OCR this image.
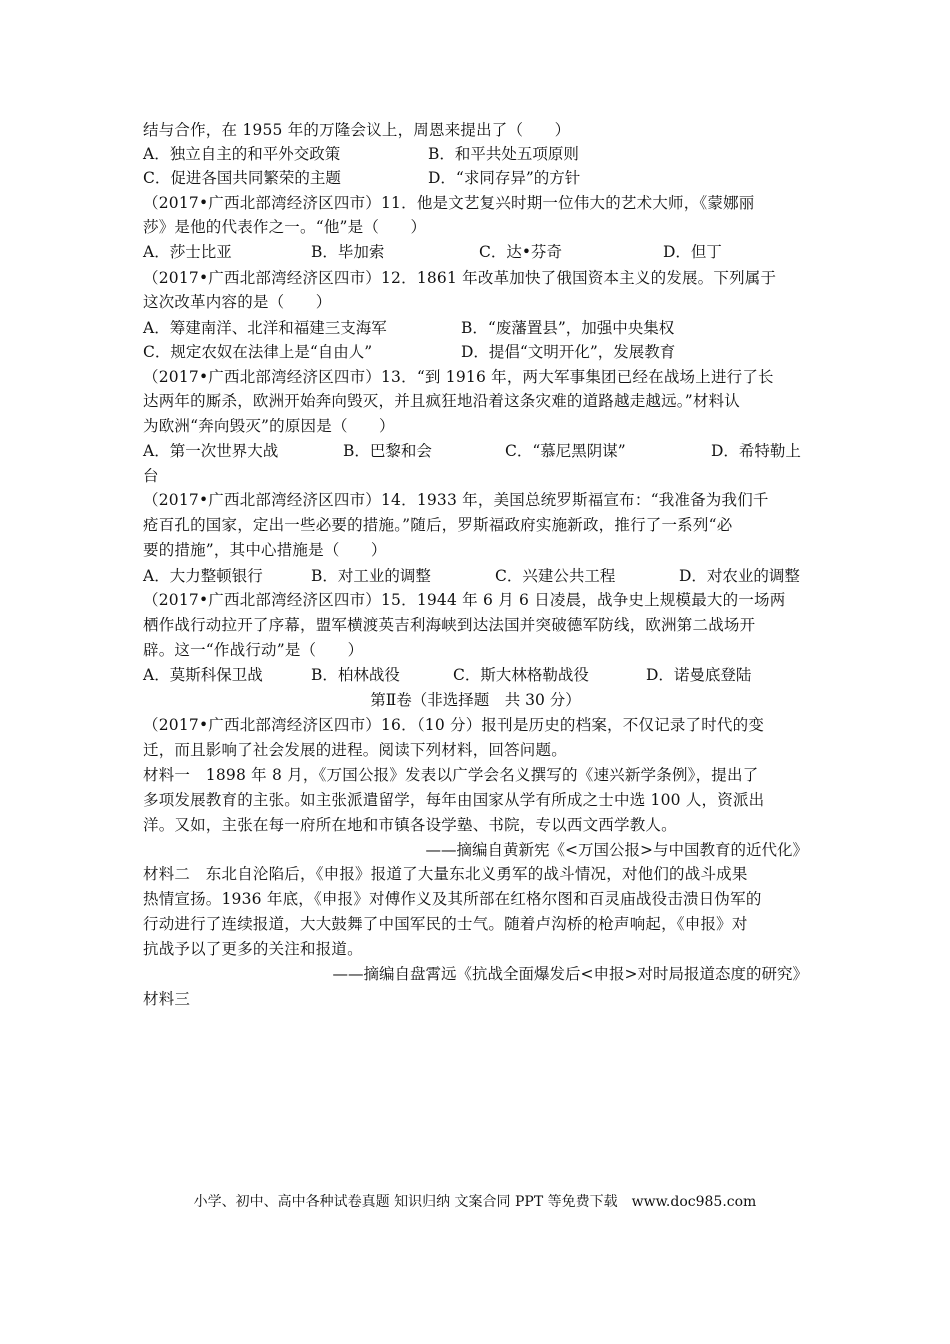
结与合作，在 1955 年的万隆会议上，周恩来提出了（　　）

A．独立自主的和平外交政策

	B．和平共处五项原则

C．促进各国共同繁荣的主题

	D．“求同存异”的方针

（2017•广西北部湾经济区四市）11．他是文艺复兴时期一位伟大的艺术大师，《蒙娜丽
莎》是他的代表作之一。“他”是（　　）

A．莎士比亚

	B．毕加索

	C．达•芬奇

	D．但丁

（2017•广西北部湾经济区四市）12．1861 年改革加快了俄国资本主义的发展。下列属于
这次改革内容的是（　　）

A．筹建南洋、北洋和福建三支海军

	B．“废藩置县”，加强中央集权

C．规定农奴在法律上是“自由人”

	D．提倡“文明开化”，发展教育

（2017•广西北部湾经济区四市）13．“到 1916 年，两大军事集团已经在战场上进行了长
达两年的厮杀，欧洲开始奔向毁灭，并且疯狂地沿着这条灾难的道路越走越远。”材料认
为欧洲“奔向毁灭”的原因是（　　）

A．第一次世界大战

	B．巴黎和会

	C．“慕尼黑阴谋”

	D．希特勒上

台
（2017•广西北部湾经济区四市）14．1933 年，美国总统罗斯福宣布：“我准备为我们千
疮百孔的国家，定出一些必要的措施。”随后，罗斯福政府实施新政，推行了一系列“必
要的措施”，其中心措施是（　　）

A．大力整顿银行

	B．对工业的调整

	C．兴建公共工程

	D．对农业的调整

（2017•广西北部湾经济区四市）15．1944 年 6 月 6 日凌晨，战争史上规模最大的一场两
栖作战行动拉开了序幕，盟军横渡英吉利海峡到达法国并突破德军防线，欧洲第二战场开
辟。这一“作战行动”是（　　）

A．莫斯科保卫战

	B．柏林战役

	C．斯大林格勒战役

	D．诺曼底登陆

第Ⅱ卷（非选择题　共 30 分）
（2017•广西北部湾经济区四市）16．（10 分）报刊是历史的档案，不仅记录了时代的变
迁，而且影响了社会发展的进程。阅读下列材料，回答问题。
材料一　1898 年 8 月，《万国公报》发表以广学会名义撰写的《速兴新学条例》，提出了
多项发展教育的主张。如主张派遣留学，每年由国家从学有所成之士中选 100 人，资派出
洋。又如，主张在每一府所在地和市镇各设学塾、书院，专以西文西学教人。
——摘编自黄新宪《<万国公报>与中国教育的近代化》
材料二　东北自沦陷后，《申报》报道了大量东北义勇军的战斗情况，对他们的战斗成果
热情宣扬。1936 年底，《申报》对傅作义及其所部在红格尔图和百灵庙战役击溃日伪军的
行动进行了连续报道，大大鼓舞了中国军民的士气。随着卢沟桥的枪声响起，《申报》对
抗战予以了更多的关注和报道。
——摘编自盘霄远《抗战全面爆发后<申报>对时局报道态度的研究》
材料三
小学、初中、高中各种试卷真题 知识归纳 文案合同 PPT 等免费下载　www.doc985.com
